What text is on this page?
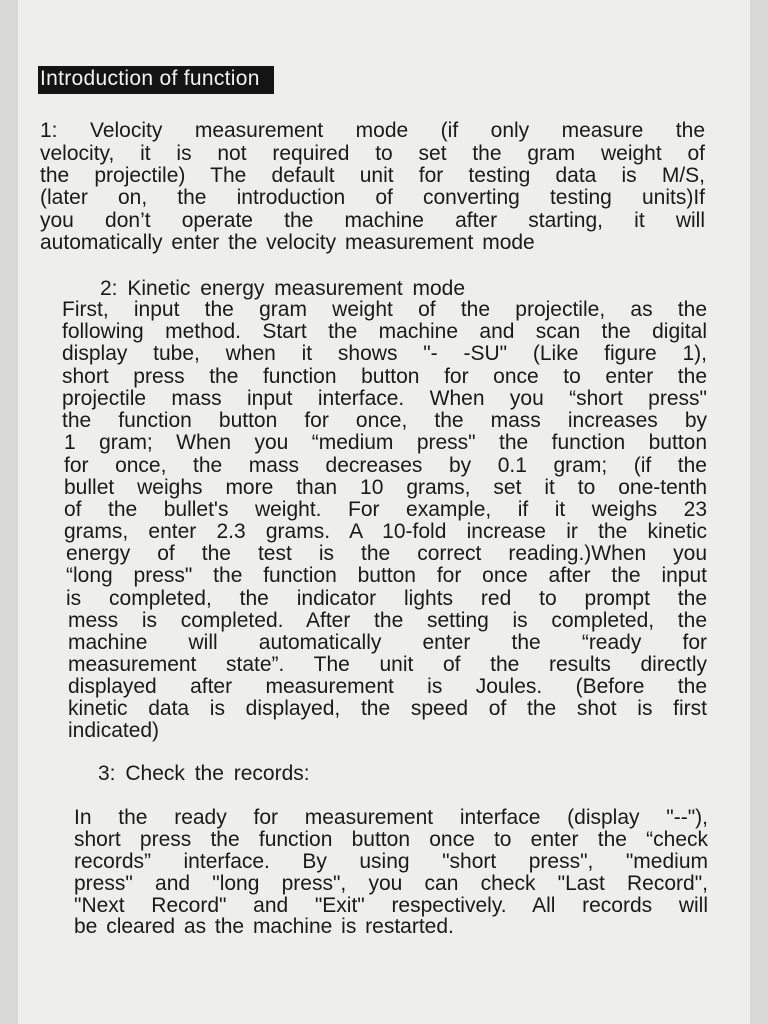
Introduction of function
1: Velocity measurement mode (if only measure the
velocity, it is not required to set the gram weight of
the projectile) The default unit for testing data is M/S,
(later on, the introduction of converting testing units)If
you don’t operate the machine after starting, it will
automatically enter the velocity measurement mode
2: Kinetic energy measurement mode
First, input the gram weight of the projectile, as the
following method. Start the machine and scan the digital
display tube, when it shows "- -SU" (Like figure 1),
short press the function button for once to enter the
projectile mass input interface. When you “short press"
the function button for once, the mass increases by
1 gram; When you “medium press" the function button
for once, the mass decreases by 0.1 gram; (if the
bullet weighs more than 10 grams, set it to one-tenth
of the bullet's weight. For example, if it weighs 23
grams, enter 2.3 grams. A 10-fold increase ir the kinetic
energy of the test is the correct reading.)When you
“long press" the function button for once after the input
is completed, the indicator lights red to prompt the
mess is completed. After the setting is completed, the
machine will automatically enter the “ready for
measurement state”. The unit of the results directly
displayed after measurement is Joules. (Before the
kinetic data is displayed, the speed of the shot is first
indicated)
3: Check the records:
In the ready for measurement interface (display "--"),
short press the function button once to enter the “check
records” interface. By using "short press", "medium
press" and "long press", you can check "Last Record",
"Next Record" and "Exit" respectively. All records will
be cleared as the machine is restarted.
